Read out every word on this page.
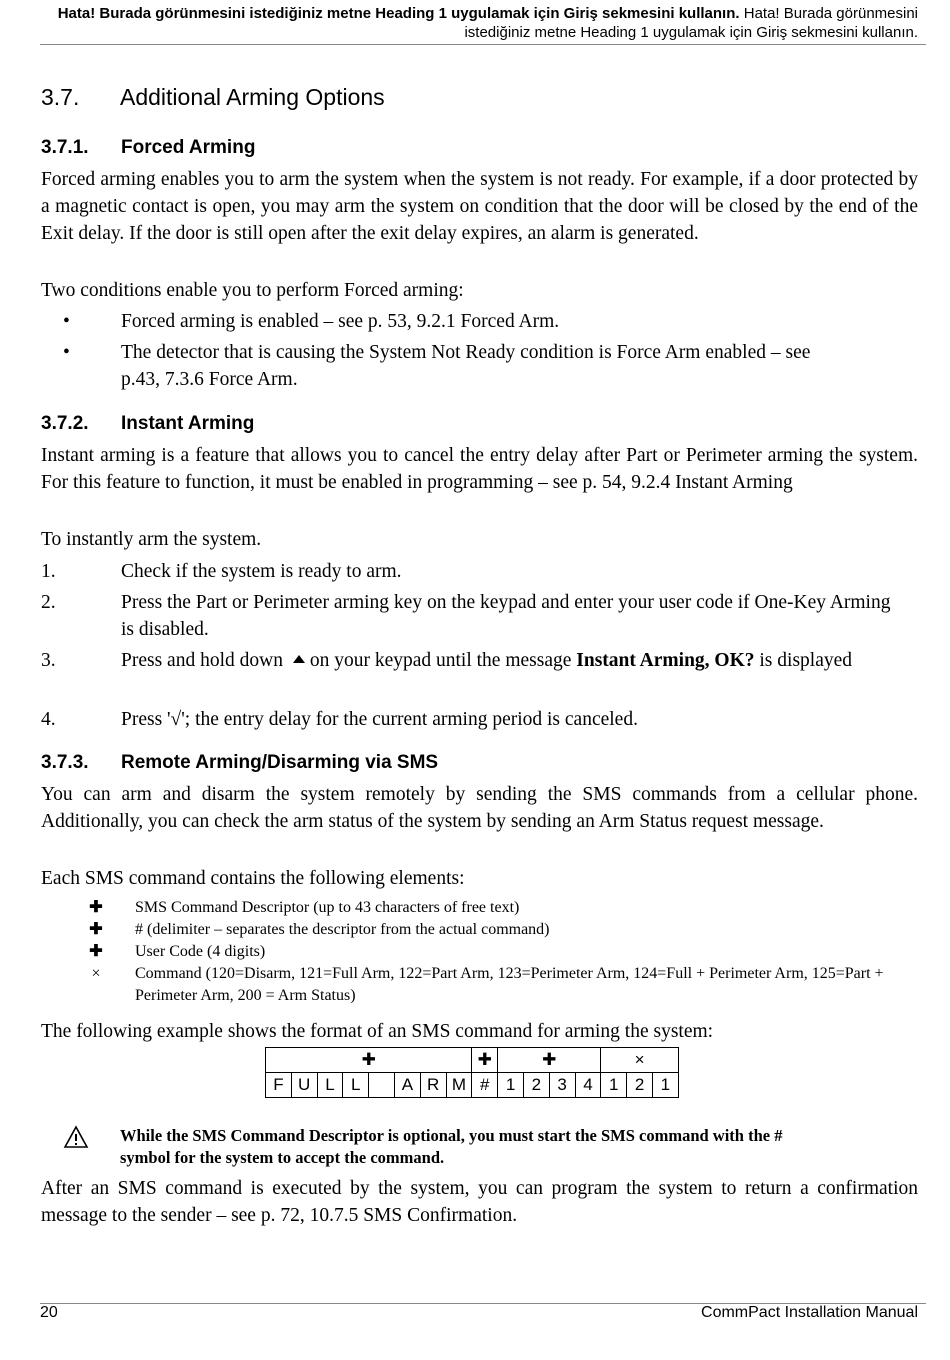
Hata! Burada görünmesini istediğiniz metne Heading 1 uygulamak için Giriş sekmesini kullanın. Hata! Burada görünmesini istediğiniz metne Heading 1 uygulamak için Giriş sekmesini kullanın.
3.7. Additional Arming Options
3.7.1. Forced Arming

Forced arming enables you to arm the system when the system is not ready. For example, if a door protected by a magnetic contact is open, you may arm the system on condition that the door will be closed by the end of the Exit delay. If the door is still open after the exit delay expires, an alarm is generated.

Two conditions enable you to perform Forced arming:

•	Forced arming is enabled – see p. 53, 9.2.1 Forced Arm.
•	The detector that is causing the System Not Ready condition is Force Arm enabled – see p.43, 7.3.6 Force Arm.
3.7.2. Instant Arming

Instant arming is a feature that allows you to cancel the entry delay after Part or Perimeter arming the system. For this feature to function, it must be enabled in programming – see p. 54, 9.2.4 Instant Arming

To instantly arm the system.

1.	Check if the system is ready to arm.
2.	Press the Part or Perimeter arming key on the keypad and enter your user code if One-Key Arming is disabled.
3.	Press and hold down on your keypad until the message Instant Arming, OK? is displayed
4.	Press '√'; the entry delay for the current arming period is canceled.
3.7.3. Remote Arming/Disarming via SMS

You can arm and disarm the system remotely by sending the SMS commands from a cellular phone. Additionally, you can check the arm status of the system by sending an Arm Status request message.

Each SMS command contains the following elements:

✚ SMS Command Descriptor (up to 43 characters of free text)
✚ # (delimiter – separates the descriptor from the actual command)
✚ User Code (4 digits)
× Command (120=Disarm, 121=Full Arm, 122=Part Arm, 123=Perimeter Arm, 124=Full + Perimeter Arm, 125=Part + Perimeter Arm, 200 = Arm Status)

The following example shows the format of an SMS command for arming the system:

✚								✚	✚				×		
F	U	L	L		A	R	M	#	1	2	3	4	1	2	1
While the SMS Command Descriptor is optional, you must start the SMS command with the # symbol for the system to accept the command.

After an SMS command is executed by the system, you can program the system to return a confirmation message to the sender – see p. 72, 10.7.5 SMS Confirmation.

20	CommPact Installation Manual
